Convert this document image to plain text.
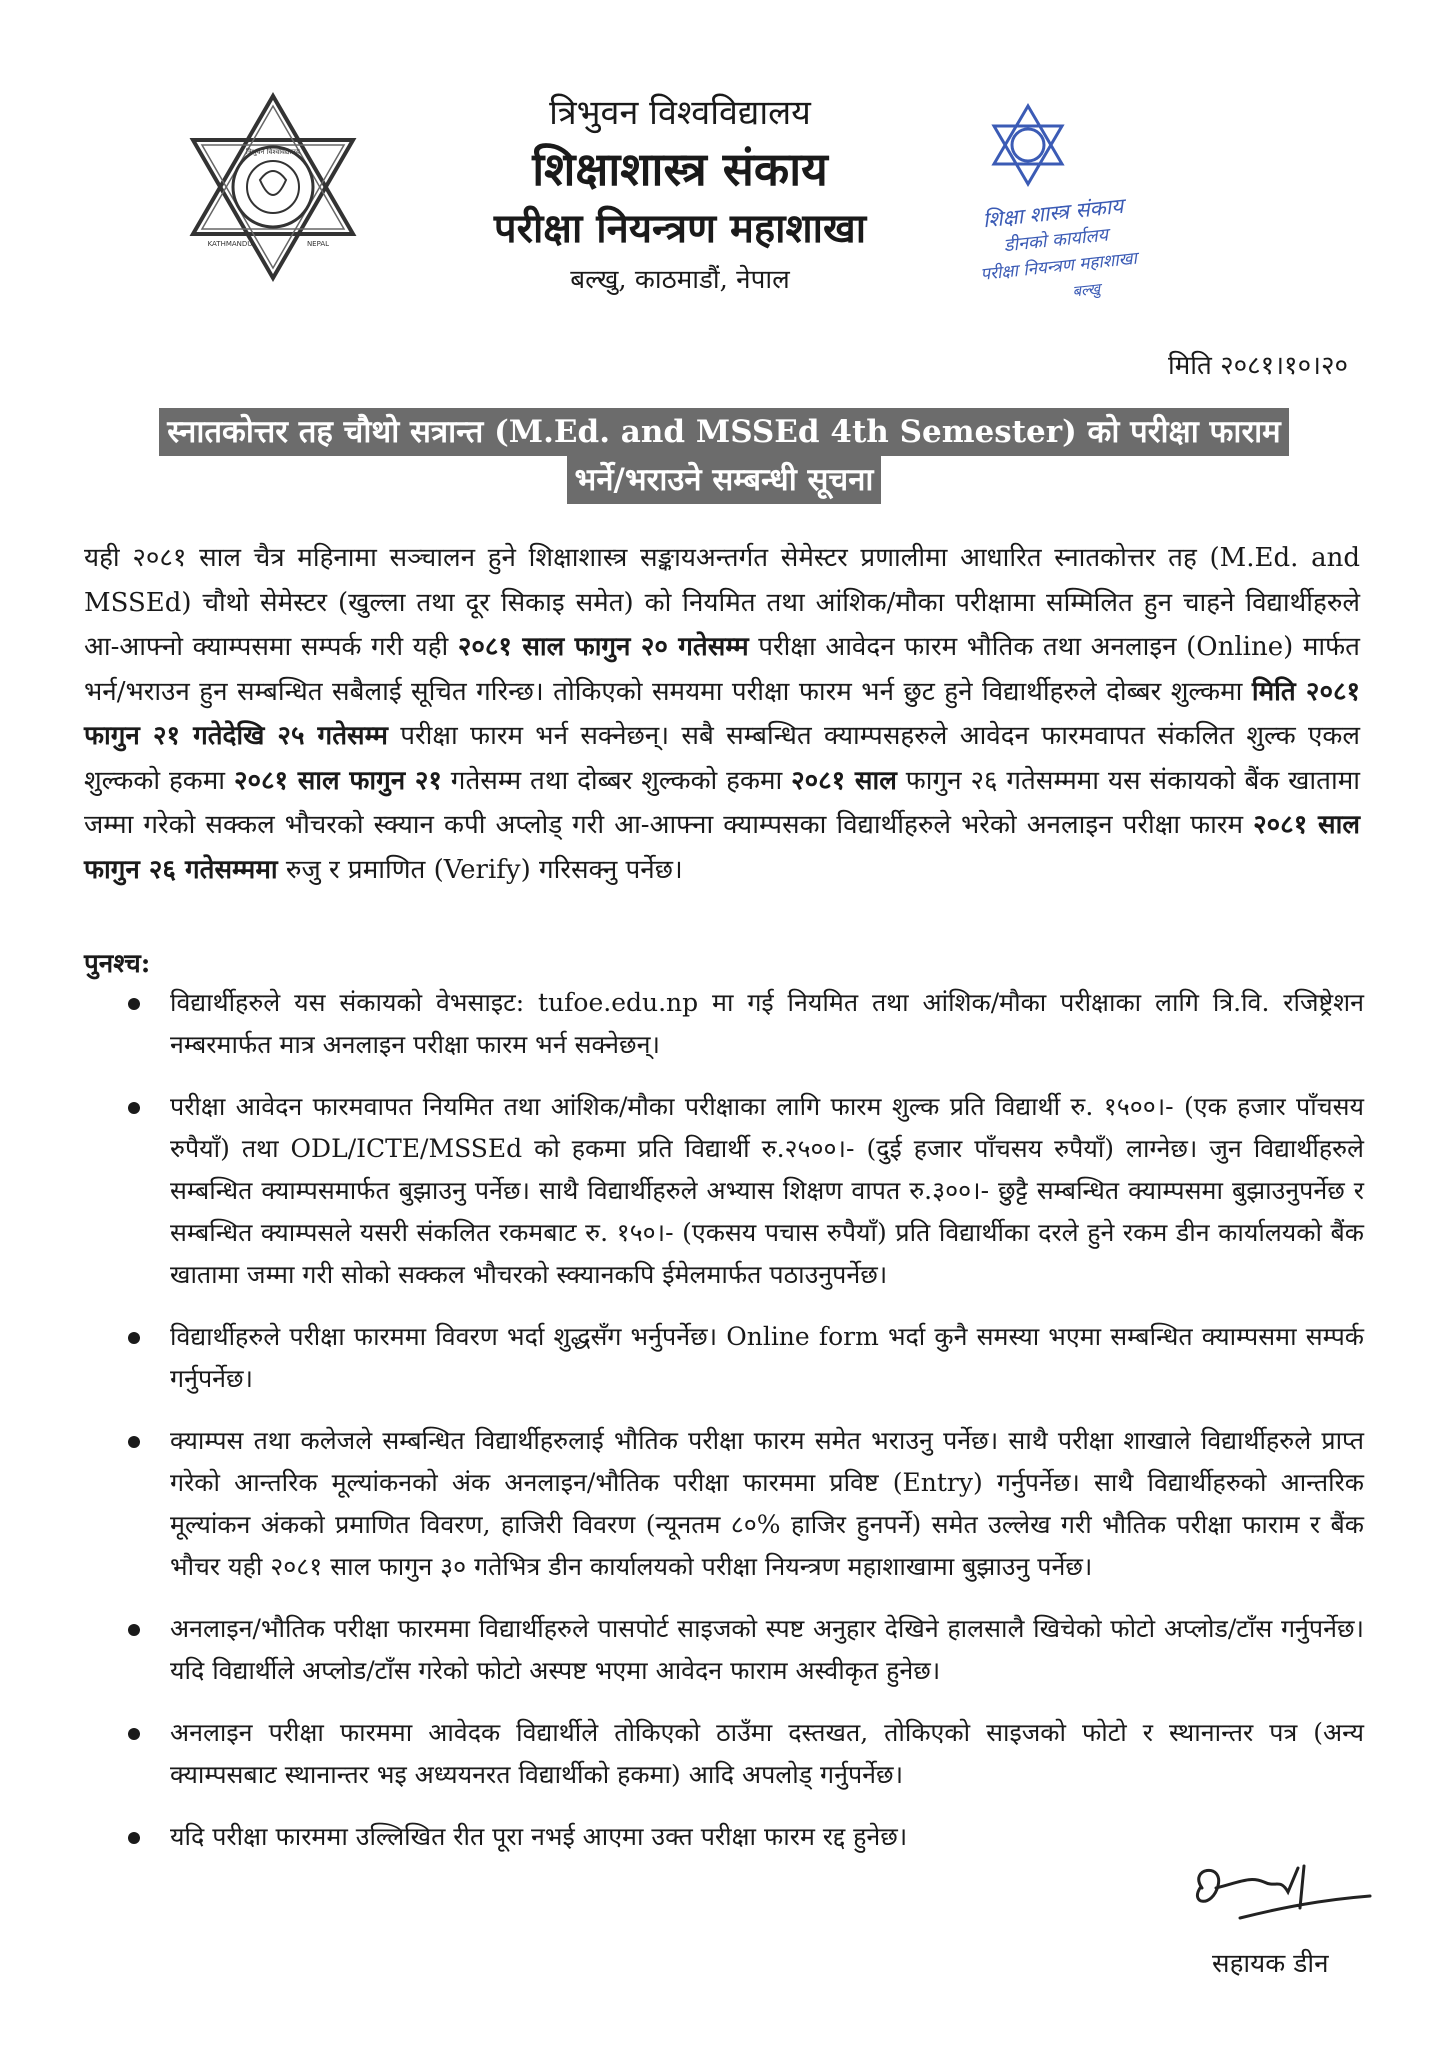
त्रिभुवन विश्वविद्यालय
KATHMANDU	NEPAL
त्रिभुवन विश्वविद्यालय
शिक्षाशास्त्र संकाय
परीक्षा नियन्त्रण महाशाखा
बल्खु, काठमाडौं, नेपाल
शिक्षा शास्त्र संकाय
डीनको कार्यालय
परीक्षा नियन्त्रण महाशाखा
बल्खु
मिति २०८१।१०।२०
स्नातकोत्तर तह चौथो सत्रान्त (M.Ed. and MSSEd 4th Semester) को परीक्षा फाराम
भर्ने/भराउने सम्बन्धी सूचना
यही २०८१ साल चैत्र महिनामा सञ्चालन हुने शिक्षाशास्त्र सङ्कायअन्तर्गत सेमेस्टर प्रणालीमा आधारित स्नातकोत्तर तह (M.Ed. and MSSEd) चौथो सेमेस्टर (खुल्ला तथा दूर सिकाइ समेत) को नियमित तथा आंशिक/मौका परीक्षामा सम्मिलित हुन चाहने विद्यार्थीहरुले आ-आफ्नो क्याम्पसमा सम्पर्क गरी यही २०८१ साल फागुन २० गतेसम्म परीक्षा आवेदन फारम भौतिक तथा अनलाइन (Online) मार्फत भर्न/भराउन हुन सम्बन्धित सबैलाई सूचित गरिन्छ। तोकिएको समयमा परीक्षा फारम भर्न छुट हुने विद्यार्थीहरुले दोब्बर शुल्कमा मिति २०८१ फागुन २१ गतेदेखि २५ गतेसम्म परीक्षा फारम भर्न सक्नेछन्। सबै सम्बन्धित क्याम्पसहरुले आवेदन फारमवापत संकलित शुल्क एकल शुल्कको हकमा २०८१ साल फागुन २१ गतेसम्म तथा दोब्बर शुल्कको हकमा २०८१ साल फागुन २६ गतेसम्ममा यस संकायको बैंक खातामा जम्मा गरेको सक्कल भौचरको स्क्यान कपी अप्लोड् गरी आ-आफ्ना क्याम्पसका विद्यार्थीहरुले भरेको अनलाइन परीक्षा फारम २०८१ साल फागुन २६ गतेसम्ममा रुजु र प्रमाणित (Verify) गरिसक्नु पर्नेछ।
पुनश्च:
विद्यार्थीहरुले यस संकायको वेभसाइट: tufoe.edu.np मा गई नियमित तथा आंशिक/मौका परीक्षाका लागि त्रि.वि. रजिष्ट्रेशन नम्बरमार्फत मात्र अनलाइन परीक्षा फारम भर्न सक्नेछन्।
परीक्षा आवेदन फारमवापत नियमित तथा आंशिक/मौका परीक्षाका लागि फारम शुल्क प्रति विद्यार्थी रु. १५००।- (एक हजार पाँचसय रुपैयाँ) तथा ODL/ICTE/MSSEd को हकमा प्रति विद्यार्थी रु.२५००।- (दुई हजार पाँचसय रुपैयाँ) लाग्नेछ। जुन विद्यार्थीहरुले सम्बन्धित क्याम्पसमार्फत बुझाउनु पर्नेछ। साथै विद्यार्थीहरुले अभ्यास शिक्षण वापत रु.३००।- छुट्टै सम्बन्धित क्याम्पसमा बुझाउनुपर्नेछ र सम्बन्धित क्याम्पसले यसरी संकलित रकमबाट रु. १५०।- (एकसय पचास रुपैयाँ) प्रति विद्यार्थीका दरले हुने रकम डीन कार्यालयको बैंक खातामा जम्मा गरी सोको सक्कल भौचरको स्क्यानकपि ईमेलमार्फत पठाउनुपर्नेछ।
विद्यार्थीहरुले परीक्षा फारममा विवरण भर्दा शुद्धसँग भर्नुपर्नेछ। Online form भर्दा कुनै समस्या भएमा सम्बन्धित क्याम्पसमा सम्पर्क गर्नुपर्नेछ।
क्याम्पस तथा कलेजले सम्बन्धित विद्यार्थीहरुलाई भौतिक परीक्षा फारम समेत भराउनु पर्नेछ। साथै परीक्षा शाखाले विद्यार्थीहरुले प्राप्त गरेको आन्तरिक मूल्यांकनको अंक अनलाइन/भौतिक परीक्षा फारममा प्रविष्ट (Entry) गर्नुपर्नेछ। साथै विद्यार्थीहरुको आन्तरिक मूल्यांकन अंकको प्रमाणित विवरण, हाजिरी विवरण (न्यूनतम ८०% हाजिर हुनपर्ने) समेत उल्लेख गरी भौतिक परीक्षा फाराम र बैंक भौचर यही २०८१ साल फागुन ३० गतेभित्र डीन कार्यालयको परीक्षा नियन्त्रण महाशाखामा बुझाउनु पर्नेछ।
अनलाइन/भौतिक परीक्षा फारममा विद्यार्थीहरुले पासपोर्ट साइजको स्पष्ट अनुहार देखिने हालसालै खिचेको फोटो अप्लोड/टाँस गर्नुपर्नेछ। यदि विद्यार्थीले अप्लोड/टाँस गरेको फोटो अस्पष्ट भएमा आवेदन फाराम अस्वीकृत हुनेछ।
अनलाइन परीक्षा फारममा आवेदक विद्यार्थीले तोकिएको ठाउँमा दस्तखत, तोकिएको साइजको फोटो र स्थानान्तर पत्र (अन्य क्याम्पसबाट स्थानान्तर भइ अध्ययनरत विद्यार्थीको हकमा) आदि अपलोड् गर्नुपर्नेछ।
यदि परीक्षा फारममा उल्लिखित रीत पूरा नभई आएमा उक्त परीक्षा फारम रद्द हुनेछ।
सहायक डीन
